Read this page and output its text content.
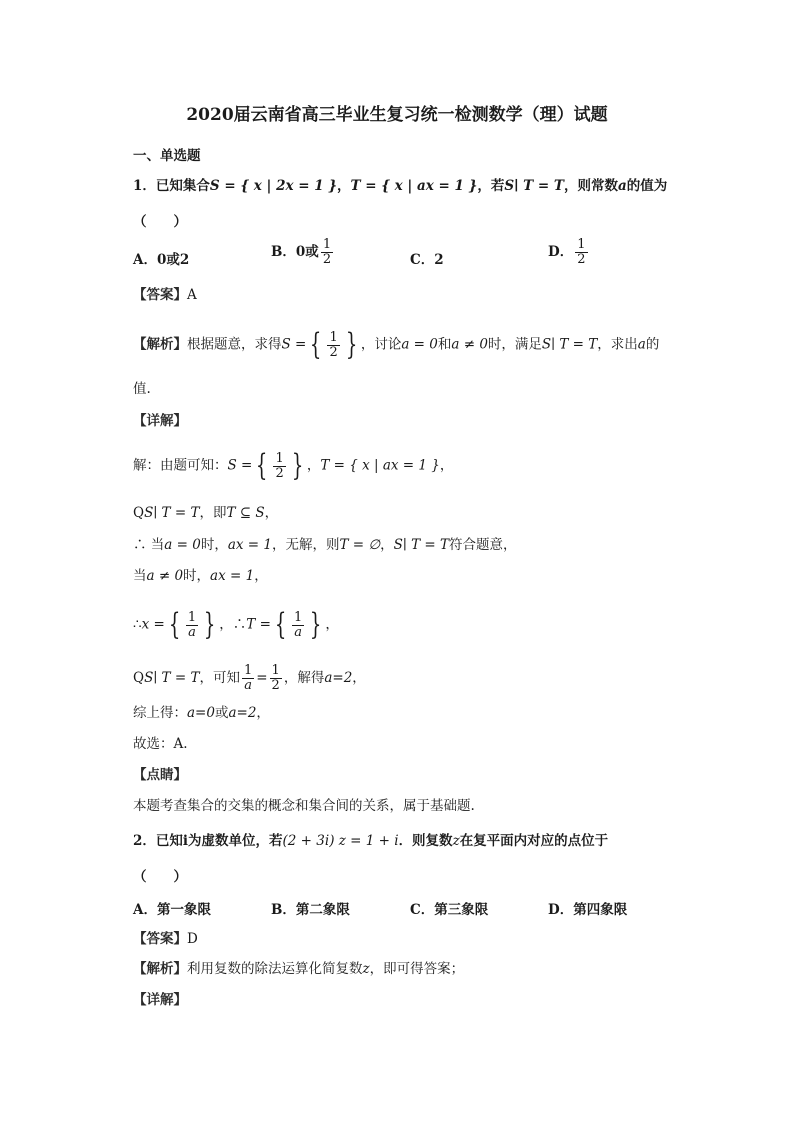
2020届云南省高三毕业生复习统一检测数学（理）试题
一、单选题
1．已知集合S = { x | 2x = 1 }，T = { x | ax = 1 }，若S∣ T = T，则常数a的值为
（　　）
A．0或2	B．0或 $\frac{1}{2}$	C．2	D． $\frac{1}{2}$
【答案】A
【解析】根据题意，求得S = { $\frac{1}{2}$ } ，讨论a = 0和a ≠ 0时，满足S∣ T = T，求出a的
值.
【详解】
解：由题可知：S = { $\frac{1}{2}$ } ，T = { x | ax = 1 }，
QS∣ T = T，即T ⊆ S，
∴ 当a = 0时，ax = 1，无解，则T = ∅，S∣ T = T符合题意，
当a ≠ 0时，ax = 1，
∴x = { $\frac{1}{a}$ } ，∴T = { $\frac{1}{a}$ } ，
QS∣ T = T，可知 $\frac{1}{a} = \frac{1}{2}$ ，解得a=2，
综上得：a=0或a=2，
故选：A.
【点睛】
本题考查集合的交集的概念和集合间的关系，属于基础题.
2．已知i为虚数单位，若(2 + 3i) z = 1 + i．则复数z在复平面内对应的点位于
（　　）
A．第一象限	B．第二象限	C．第三象限	D．第四象限
【答案】D
【解析】利用复数的除法运算化简复数z，即可得答案；
【详解】
